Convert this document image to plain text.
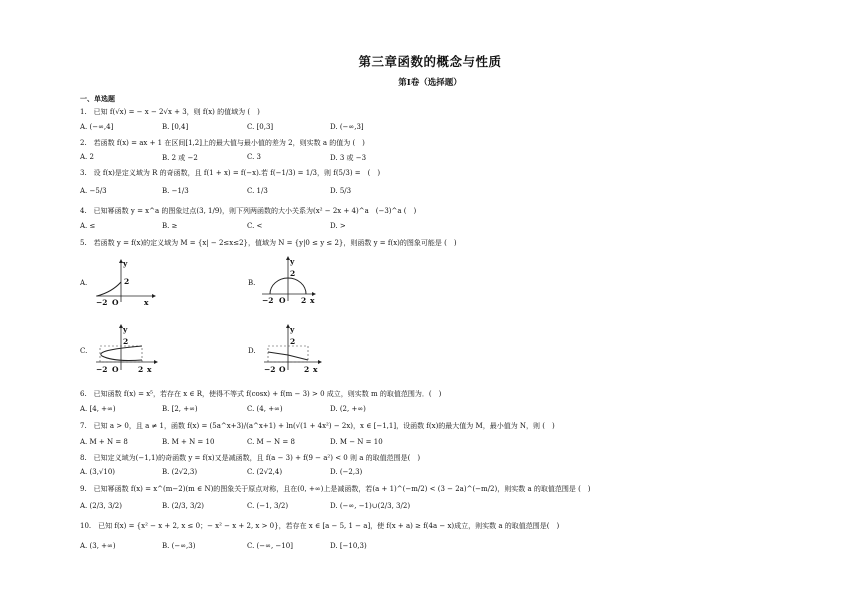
第三章函数的概念与性质
第I卷（选择题）
一、单选题
1.　已知 f(√x) = − x − 2√x + 3，则 f(x) 的值域为 (　)
A. (−∞,4]	B. [0,4]	C. [0,3]	D. (−∞,3]
2.　若函数 f(x) = ax + 1 在区间[1,2]上的最大值与最小值的差为 2，则实数 a 的值为 (　)
A. 2	B. 2 或 −2	C. 3	D. 3 或 −3
3.　设 f(x)是定义域为 R 的奇函数，且 f(1 + x) = f(−x).若 f(−1/3) = 1/3，则 f(5/3) =　(　)
A. −5/3	B. −1/3	C. 1/3	D. 5/3
4.　已知幂函数 y = x^a 的图象过点(3, 1/9)，则下列两函数的大小关系为(x² − 2x + 4)^a　(−3)^a (　)
A. ≤	B. ≥	C. <	D. >
5.　若函数 y = f(x)的定义域为 M = {x| − 2≤x≤2}，值域为 N = {y|0 ≤ y ≤ 2}，则函数 y = f(x)的图象可能是 (　)
A.	2
−2 O	x
y
B.
2
−2 O 2 x
y
C.
2
−2 O	2 x
y
D.
2
−2 O 2 x
y
6.　已知函数 f(x) = x⁵，若存在 x ∈ R，使得不等式 f(cosx) + f(m − 3) > 0 成立，则实数 m 的取值范围为．(　)
A. [4, +∞)	B. [2, +∞)	C. (4, +∞)	D. (2, +∞)
7.　已知 a > 0，且 a ≠ 1，函数 f(x) = (5a^x+3)/(a^x+1) + ln(√(1 + 4x²) − 2x)，x ∈ [−1,1]，设函数 f(x)的最大值为 M，最小值为 N，则 (　)
A. M + N = 8	B. M + N = 10	C. M − N = 8	D. M − N = 10
8.　已知定义域为(−1,1)的奇函数 y = f(x)又是减函数，且 f(a − 3) + f(9 − a²) < 0 则 a 的取值范围是(　)
A. (3,√10)	B. (2√2,3)	C. (2√2,4)	D. (−2,3)
9.　已知幂函数 f(x) = x^(m−2)(m ∈ N)的图象关于原点对称，且在(0, +∞)上是减函数，若(a + 1)^(−m/2) < (3 − 2a)^(−m/2)，则实数 a 的取值范围是 (　)
A. (2/3, 3/2)	B. (2/3, 3/2)	C. (−1, 3/2)	D. (−∞, −1)∪(2/3, 3/2)
10.　已知 f(x) = {x² − x + 2, x ≤ 0；− x² − x + 2, x > 0}，若存在 x ∈ [a − 5, 1 − a]，使 f(x + a) ≥ f(4a − x)成立，则实数 a 的取值范围是(　)
A. (3, +∞)	B. (−∞,3)	C. (−∞, −10]	D. [−10,3)
